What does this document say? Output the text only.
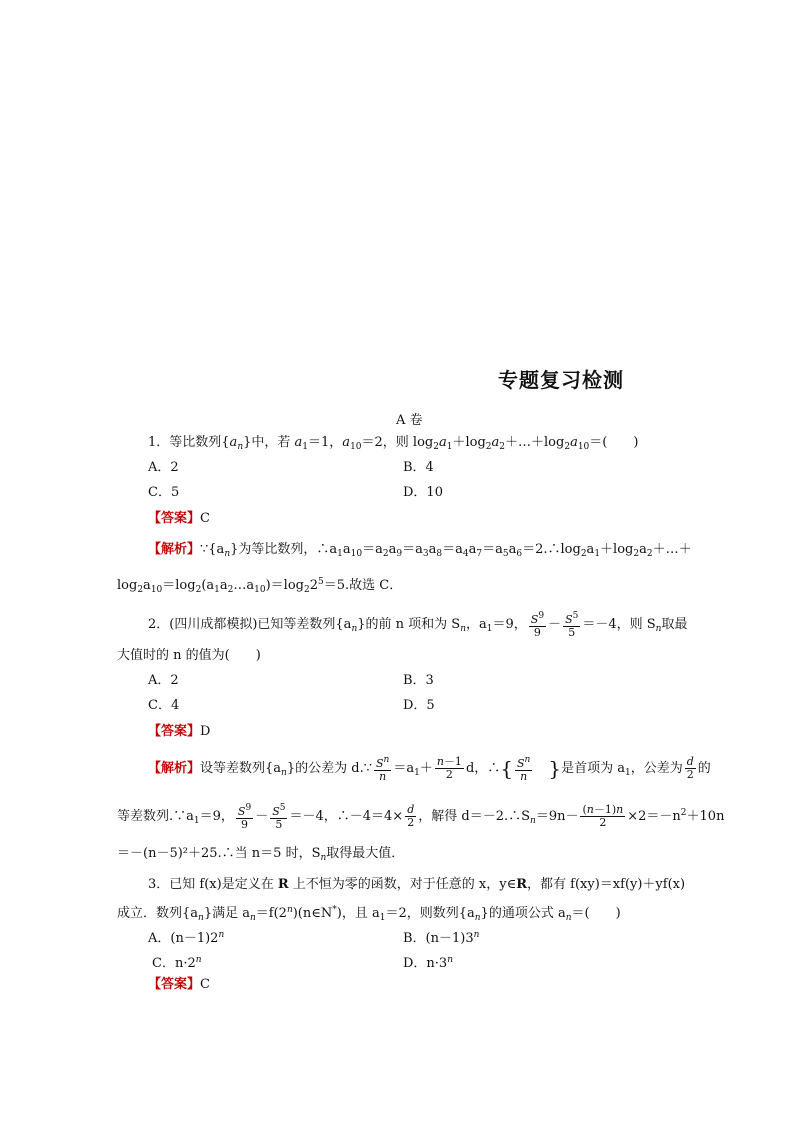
专题复习检测
A 卷
1．等比数列$\{a_n\}$中，若 $a_1=1$，$a_{10}=2$，则 $\log_2a_1+\log_2a_2+\dots+\log_2a_{10}=$(　　)
A．2	B．4
C．5	D．10
【答案】C
【解析】$\because\{a_n\}$为等比数列，$\therefore a_1a_{10}=a_2a_9=a_3a_8=a_4a_7=a_5a_6=2.\therefore\log_2a_1+\log_2a_2+\dots+$
$\log_2a_{10}=\log_2(a_1a_2\dots a_{10})=\log_22^5=5$.故选 C．
2．(四川成都模拟)已知等差数列$\{a_n\}$的前 n 项和为 $S_n$，$a_1=9$， $\frac{S^9}{9} - \frac{S^5}{5} =-4$，则 $S_n$取最
大值时的 n 的值为(　　)
A．2	B．3
C．4	D．5
【答案】D
【解析】设等差数列$\{a_n\}$的公差为 d.∵ $\frac{S^n}{n} =a_1+ \frac{n-1}{2}$ d，∴{ $\frac{S^n}{n}$ }是首项为 $a_1$，公差为 $\frac{d}{2}$ 的
等差数列$.\because a_1=9$， $\frac{S^9}{9} - \frac{S^5}{5} =-4$，∴－4＝4× $\frac{d}{2}$ ，解得 $d=-2.\therefore S_n=9n- \frac{(n-1)n}{2} \times 2=-n^2+10n$
＝－(n－5)²＋25.∴当 n＝5 时，$S_n$取得最大值．
3．已知 f(x)是定义在 R 上不恒为零的函数，对于任意的 x，y∈R，都有 f(xy)＝xf(y)＋yf(x)
成立．数列$\{a_n\}$满足 $a_n=f(2^n)(n\in N^*)$，且 $a_1=2$，则数列$\{a_n\}$的通项公式 $a_n=$(　　)
A．$(n-1)2^n$	B．$(n-1)3^n$
C．$n\cdot 2^n$	D．$n\cdot 3^n$
【答案】C
